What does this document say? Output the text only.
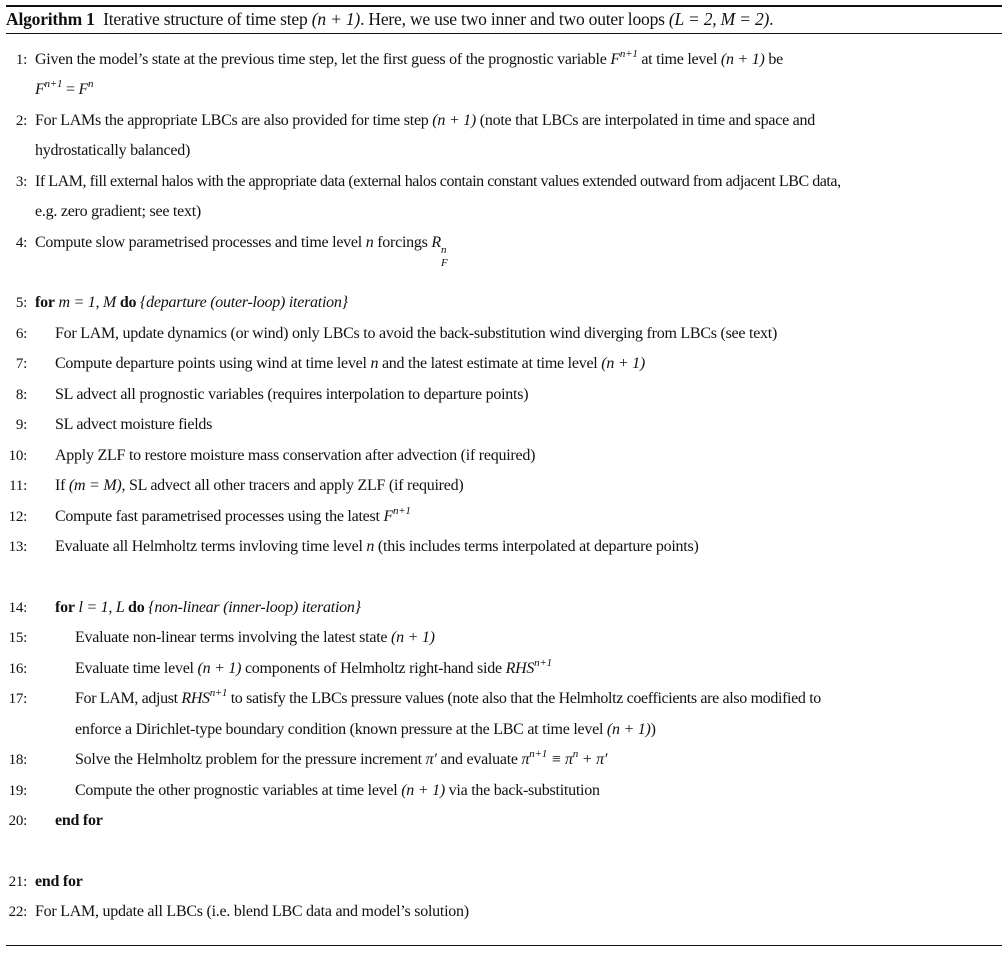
Algorithm 1 Iterative structure of time step (n + 1). Here, we use two inner and two outer loops (L = 2, M = 2).
1: Given the model’s state at the previous time step, let the first guess of the prognostic variable $F^{n+1}$ at time level (n + 1) be
$F^{n+1} = F^n$
2: For LAMs the appropriate LBCs are also provided for time step (n + 1) (note that LBCs are interpolated in time and space and
hydrostatically balanced)
3: If LAM, fill external halos with the appropriate data (external halos contain constant values extended outward from adjacent LBC data,
e.g. zero gradient; see text)
4: Compute slow parametrised processes and time level n forcings R n
F
5: for m = 1, M do {departure (outer-loop) iteration}
6: For LAM, update dynamics (or wind) only LBCs to avoid the back-substitution wind diverging from LBCs (see text)
7: Compute departure points using wind at time level n and the latest estimate at time level (n + 1)
8: SL advect all prognostic variables (requires interpolation to departure points)
9: SL advect moisture fields
10: Apply ZLF to restore moisture mass conservation after advection (if required)
11: If (m = M), SL advect all other tracers and apply ZLF (if required)
12: Compute fast parametrised processes using the latest $F^{n+1}$
13: Evaluate all Helmholtz terms invloving time level n (this includes terms interpolated at departure points)
14: for l = 1, L do {non-linear (inner-loop) iteration}
15:	Evaluate non-linear terms involving the latest state (n + 1)
16:	Evaluate time level (n + 1) components of Helmholtz right-hand side $RHS^{n+1}$
17:	For LAM, adjust $RHS^{n+1}$ to satisfy the LBCs pressure values (note also that the Helmholtz coefficients are also modified to
enforce a Dirichlet-type boundary condition (known pressure at the LBC at time level (n + 1))
18:	Solve the Helmholtz problem for the pressure increment π′ and evaluate $\pi^{n+1} \equiv \pi^n + \pi'$
19:	Compute the other prognostic variables at time level (n + 1) via the back-substitution
20: end for
21: end for
22: For LAM, update all LBCs (i.e. blend LBC data and model’s solution)
